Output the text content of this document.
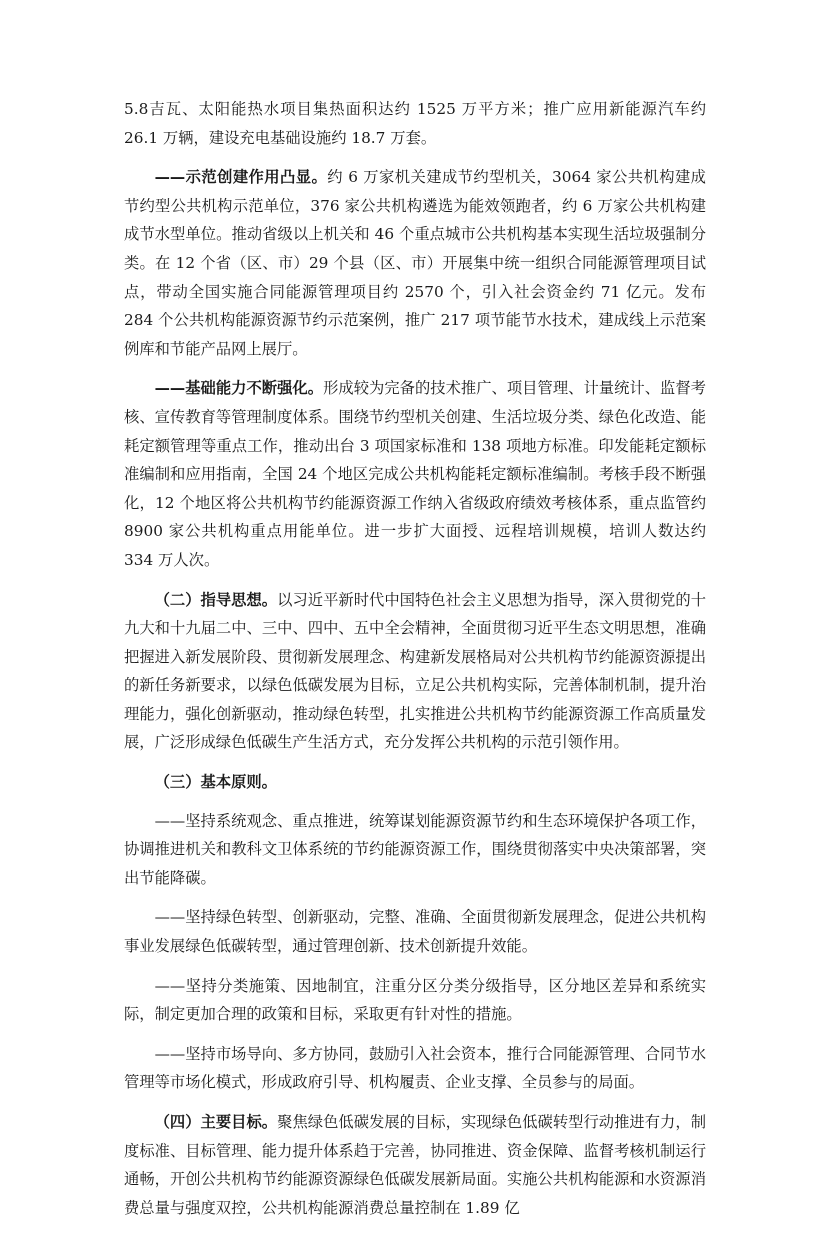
5.8吉瓦、太阳能热水项目集热面积达约 1525 万平方米；推广应用新能源汽车约 26.1 万辆，建设充电基础设施约 18.7 万套。

——示范创建作用凸显。约 6 万家机关建成节约型机关，3064 家公共机构建成节约型公共机构示范单位，376 家公共机构遴选为能效领跑者，约 6 万家公共机构建成节水型单位。推动省级以上机关和 46 个重点城市公共机构基本实现生活垃圾强制分类。在 12 个省（区、市）29 个县（区、市）开展集中统一组织合同能源管理项目试点，带动全国实施合同能源管理项目约 2570 个，引入社会资金约 71 亿元。发布 284 个公共机构能源资源节约示范案例，推广 217 项节能节水技术，建成线上示范案例库和节能产品网上展厅。

——基础能力不断强化。形成较为完备的技术推广、项目管理、计量统计、监督考核、宣传教育等管理制度体系。围绕节约型机关创建、生活垃圾分类、绿色化改造、能耗定额管理等重点工作，推动出台 3 项国家标准和 138 项地方标准。印发能耗定额标准编制和应用指南，全国 24 个地区完成公共机构能耗定额标准编制。考核手段不断强化，12 个地区将公共机构节约能源资源工作纳入省级政府绩效考核体系，重点监管约 8900 家公共机构重点用能单位。进一步扩大面授、远程培训规模，培训人数达约 334 万人次。

（二）指导思想。以习近平新时代中国特色社会主义思想为指导，深入贯彻党的十九大和十九届二中、三中、四中、五中全会精神，全面贯彻习近平生态文明思想，准确把握进入新发展阶段、贯彻新发展理念、构建新发展格局对公共机构节约能源资源提出的新任务新要求，以绿色低碳发展为目标，立足公共机构实际，完善体制机制，提升治理能力，强化创新驱动，推动绿色转型，扎实推进公共机构节约能源资源工作高质量发展，广泛形成绿色低碳生产生活方式，充分发挥公共机构的示范引领作用。

（三）基本原则。

——坚持系统观念、重点推进，统筹谋划能源资源节约和生态环境保护各项工作，协调推进机关和教科文卫体系统的节约能源资源工作，围绕贯彻落实中央决策部署，突出节能降碳。

——坚持绿色转型、创新驱动，完整、准确、全面贯彻新发展理念，促进公共机构事业发展绿色低碳转型，通过管理创新、技术创新提升效能。

——坚持分类施策、因地制宜，注重分区分类分级指导，区分地区差异和系统实际，制定更加合理的政策和目标，采取更有针对性的措施。

——坚持市场导向、多方协同，鼓励引入社会资本，推行合同能源管理、合同节水管理等市场化模式，形成政府引导、机构履责、企业支撑、全员参与的局面。

（四）主要目标。聚焦绿色低碳发展的目标，实现绿色低碳转型行动推进有力，制度标准、目标管理、能力提升体系趋于完善，协同推进、资金保障、监督考核机制运行通畅，开创公共机构节约能源资源绿色低碳发展新局面。实施公共机构能源和水资源消费总量与强度双控，公共机构能源消费总量控制在 1.89 亿
